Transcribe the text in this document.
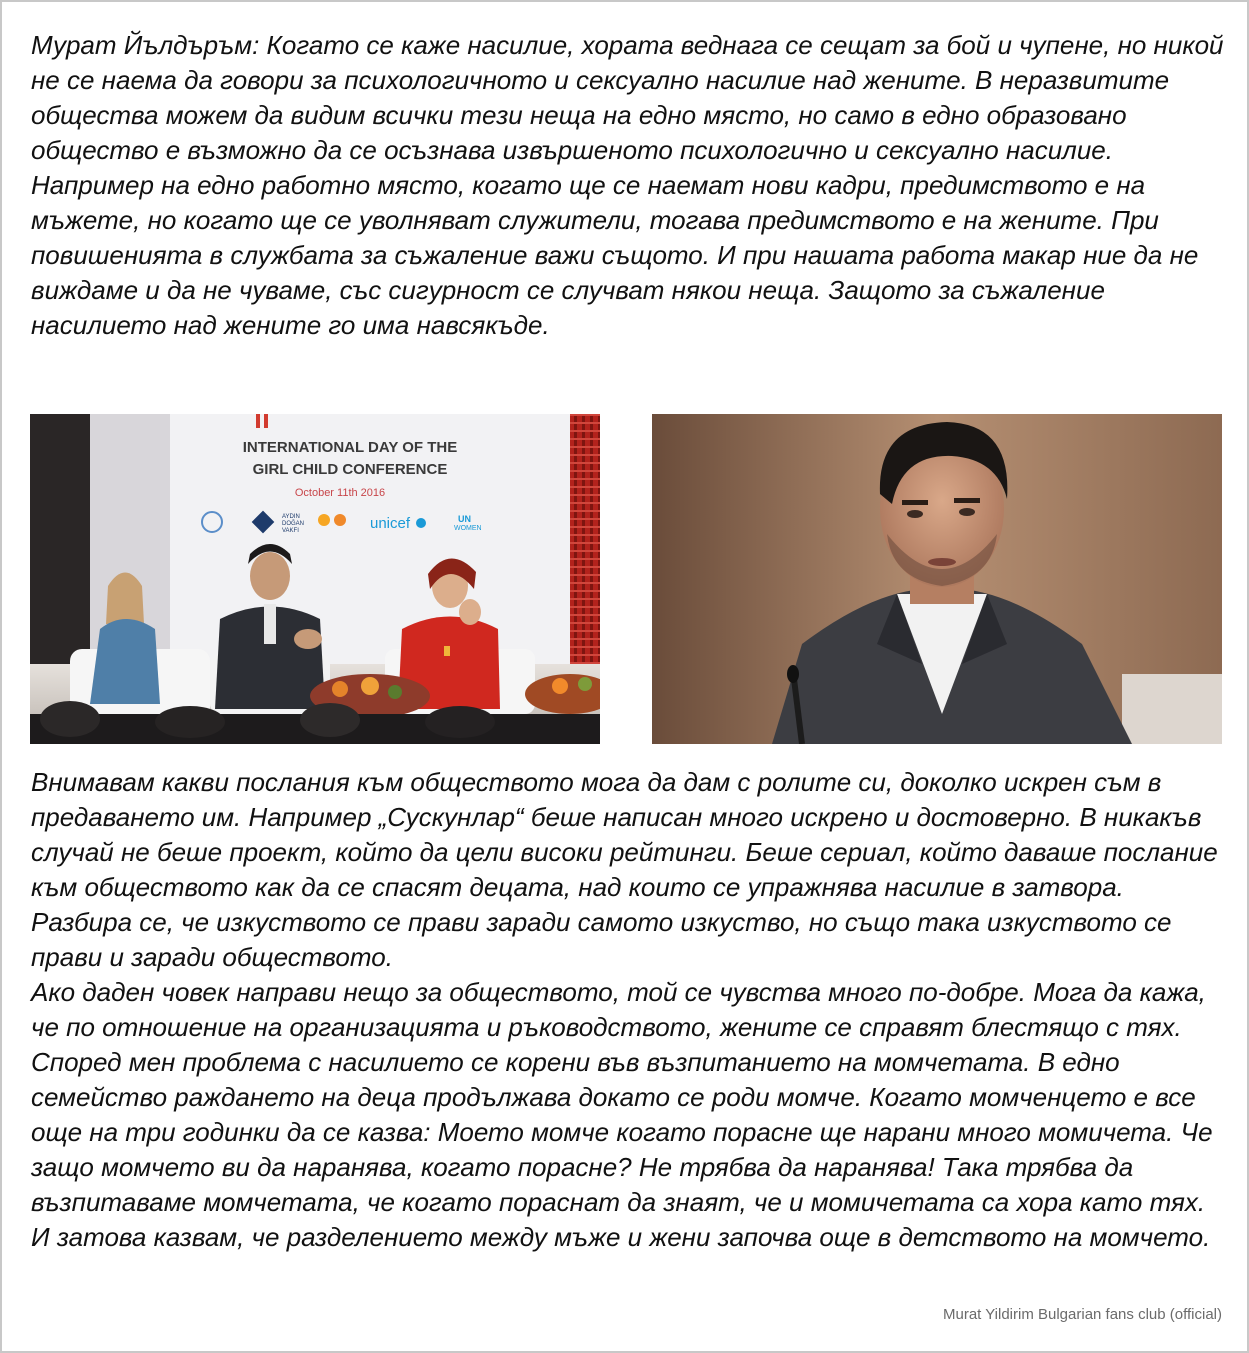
Мурат Йълдъръм: Когато се каже насилие, хората веднага се сещат за бой и чупене, но никой не се наема да говори за психологичното и сексуално насилие над жените. В неразвитите общества можем да видим всички тези неща на едно място, но само в едно образовано общество е възможно да се осъзнава извършеното психологично и сексуално насилие.
Например на едно работно място, когато ще се наемат нови кадри, предимството е на мъжете, но когато ще се уволняват служители, тогава предимството е на жените. При повишенията в службата за съжаление важи същото. И при нашата работа макар ние да не виждаме и да не чуваме, със сигурност се случват някои неща. Защото за съжаление насилието над жените го има навсякъде.

INTERNATIONAL DAY OF THE
GIRL CHILD CONFERENCE
October 11th 2016
AYDIN
DOĞAN
VAKFI	unicef	UN
WOMEN

Внимавам какви послания към обществото мога да дам с ролите си, доколко искрен съм в предаването им. Например „Сускунлар“ беше написан много искрено и достоверно. В никакъв случай не беше проект, който да цели високи рейтинги. Беше сериал, който даваше послание към обществото как да се спасят децата, над които се упражнява насилие в затвора. Разбира се, че изкуството се прави заради самото изкуство, но също така изкуството се прави и заради обществото.
Ако даден човек направи нещо за обществото, той се чувства много по-добре. Мога да кажа, че по отношение на организацията и ръководството, жените се справят блестящо с тях.
Според мен проблема с насилието се корени във възпитанието на момчетата. В едно семейство раждането на деца продължава докато се роди момче. Когато момченцето е все още на три годинки да се казва: Моето момче когато порасне ще нарани много момичета. Че защо момчето ви да наранява, когато порасне? Не трябва да наранява! Така трябва да възпитаваме момчетата, че когато пораснат да знаят, че и момичетата са хора като тях. И затова казвам, че разделението между мъже и жени започва още в детството на момчето.

Murat Yildirim Bulgarian fans club (official)
